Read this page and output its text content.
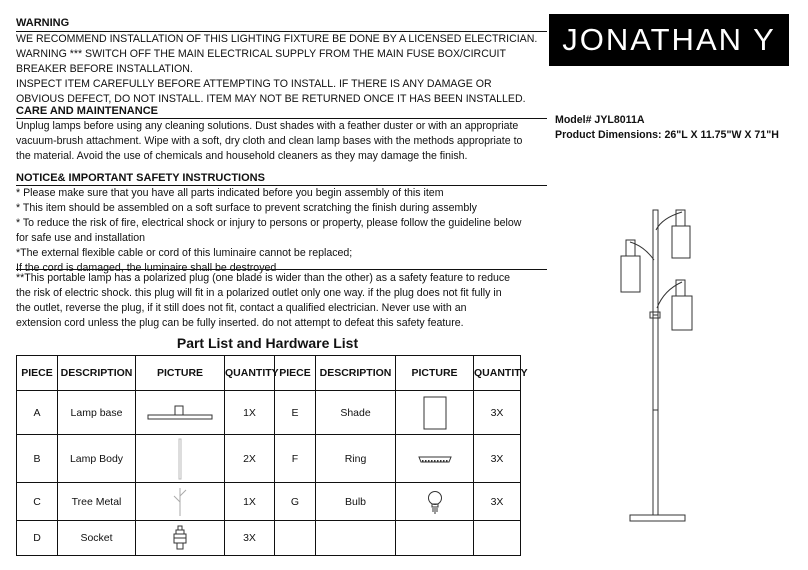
WARNING
WE RECOMMEND INSTALLATION OF THIS LIGHTING FIXTURE BE DONE BY A LICENSED ELECTRICIAN.
WARNING *** SWITCH OFF THE MAIN ELECTRICAL SUPPLY FROM THE MAIN FUSE BOX/CIRCUIT
BREAKER BEFORE INSTALLATION.
INSPECT ITEM CAREFULLY BEFORE ATTEMPTING TO INSTALL. IF THERE IS ANY DAMAGE OR
OBVIOUS DEFECT, DO NOT INSTALL. ITEM MAY NOT BE RETURNED ONCE IT HAS BEEN INSTALLED.
CARE AND MAINTENANCE
Unplug lamps before using any cleaning solutions. Dust shades with a feather duster or with an appropriate
vacuum-brush attachment. Wipe with a soft, dry cloth and clean lamp bases with the methods appropriate to
the material. Avoid the use of chemicals and household cleaners as they may damage the finish.
NOTICE& IMPORTANT SAFETY INSTRUCTIONS
* Please make sure that you have all parts indicated before you begin assembly of this item
* This item should be assembled on a soft surface to prevent scratching the finish during assembly
* To reduce the risk of fire, electrical shock or injury to persons or property, please follow the guideline below
for safe use and installation
*The external flexible cable or cord of this luminaire cannot be replaced;
If the cord is damaged, the luminaire shall be destroyed
**This portable lamp has a polarized plug (one blade is wider than the other) as a safety feature to reduce
the risk of electric shock. this plug will fit in a polarized outlet only one way. if the plug does not fit fully in
the outlet, reverse the plug, if it still does not fit, contact a qualified electrician. Never use with an
extension cord unless the plug can be fully inserted. do not attempt to defeat this safety feature.
JONATHAN Y
Model# JYL8011A
Product Dimensions: 26"L X 11.75"W X 71"H
Part List and Hardware List
PIECE	DESCRIPTION	PICTURE	QUANTITY	PIECE	DESCRIPTION	PICTURE	QUANTITY
A	Lamp base		1X	E	Shade		3X
B	Lamp Body		2X	F	Ring		3X
C	Tree Metal		1X	G	Bulb		3X
D	Socket		3X				
